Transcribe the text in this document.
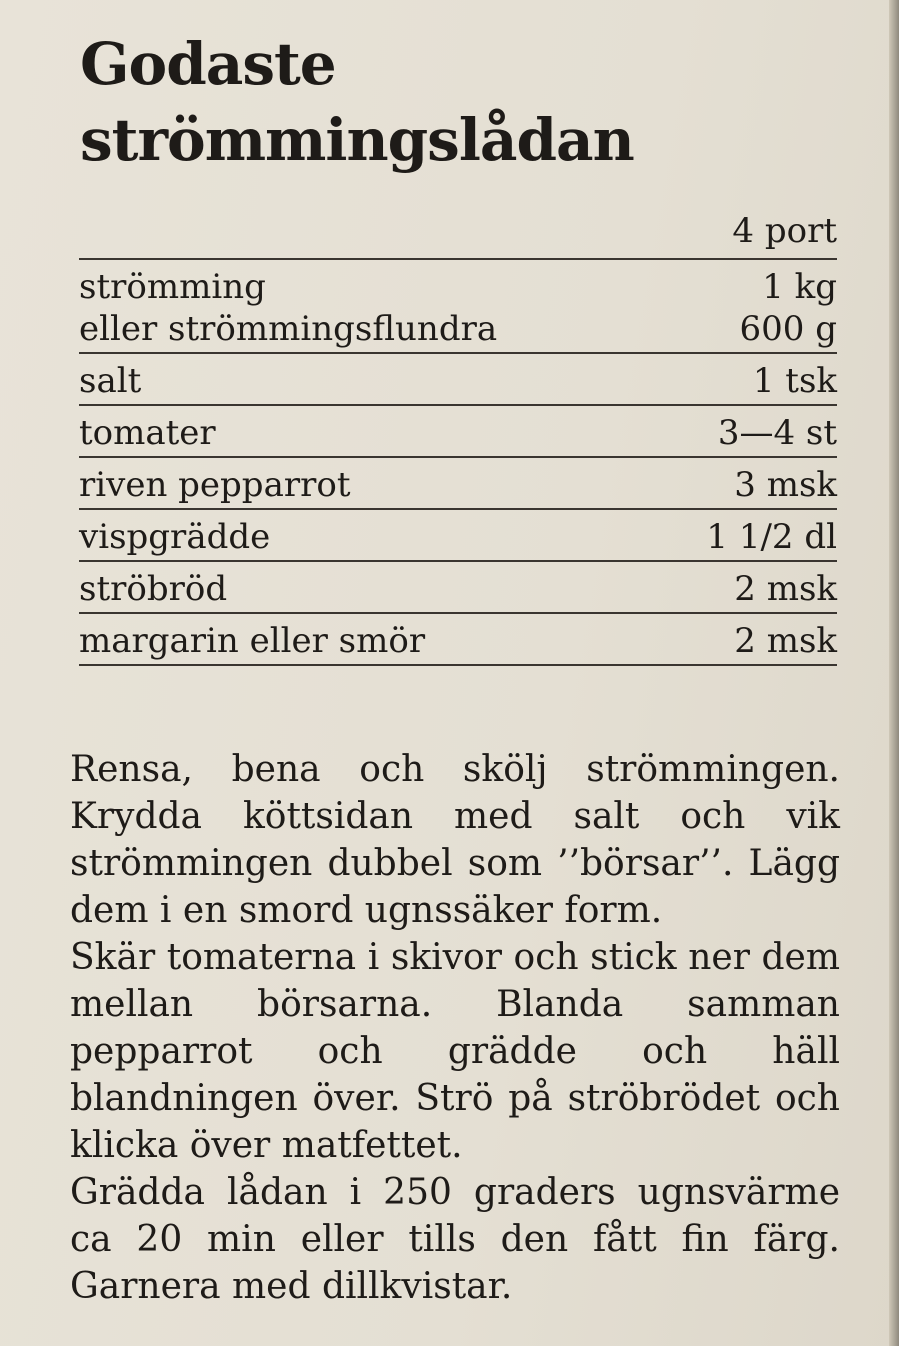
Godaste
strömmingslådan
4 port
strömming	1 kg
eller strömmingsflundra	600 g
salt	1 tsk
tomater	3—4 st
riven pepparrot	3 msk
vispgrädde	1 1/2 dl
ströbröd	2 msk
margarin eller smör	2 msk

Rensa, bena och skölj strömmingen. Krydda köttsidan med salt och vik strömmingen dubbel som ’’börsar’’. Lägg dem i en smord ugnssäker form.

Skär tomaterna i skivor och stick ner dem mellan börsarna. Blanda samman pepparrot och grädde och häll blandningen över. Strö på ströbrödet och klicka över matfettet.

Grädda lådan i 250 graders ugnsvärme ca 20 min eller tills den fått fin färg. Garnera med dillkvistar.
